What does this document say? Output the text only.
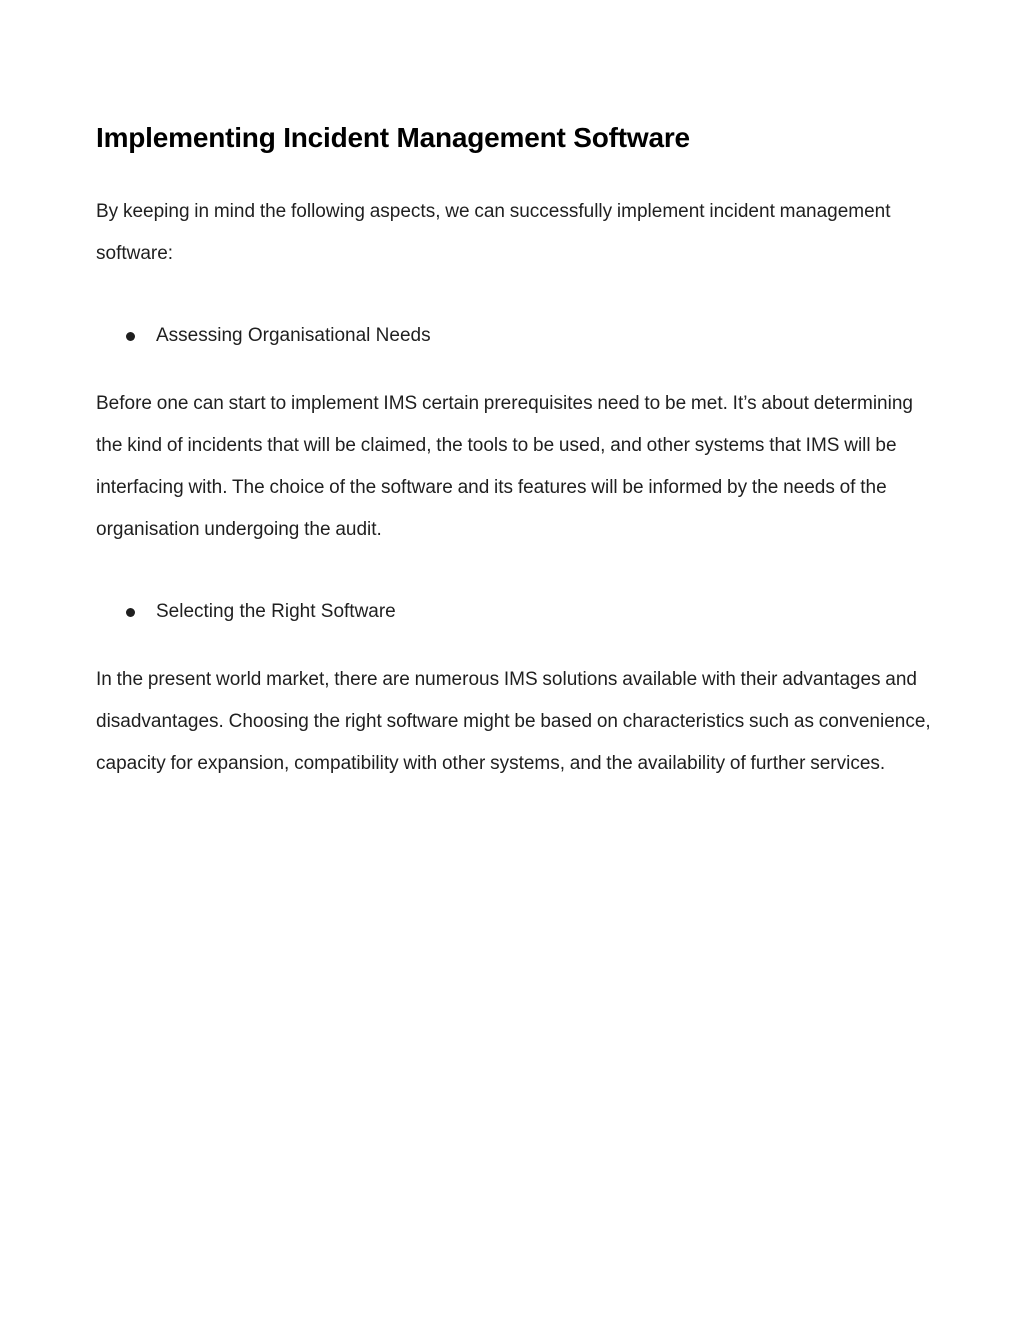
Implementing Incident Management Software

By keeping in mind the following aspects, we can successfully implement incident management software:

Assessing Organisational Needs

Before one can start to implement IMS certain prerequisites need to be met. It’s about determining the kind of incidents that will be claimed, the tools to be used, and other systems that IMS will be interfacing with. The choice of the software and its features will be informed by the needs of the organisation undergoing the audit.

Selecting the Right Software

In the present world market, there are numerous IMS solutions available with their advantages and disadvantages. Choosing the right software might be based on characteristics such as convenience, capacity for expansion, compatibility with other systems, and the availability of further services.
